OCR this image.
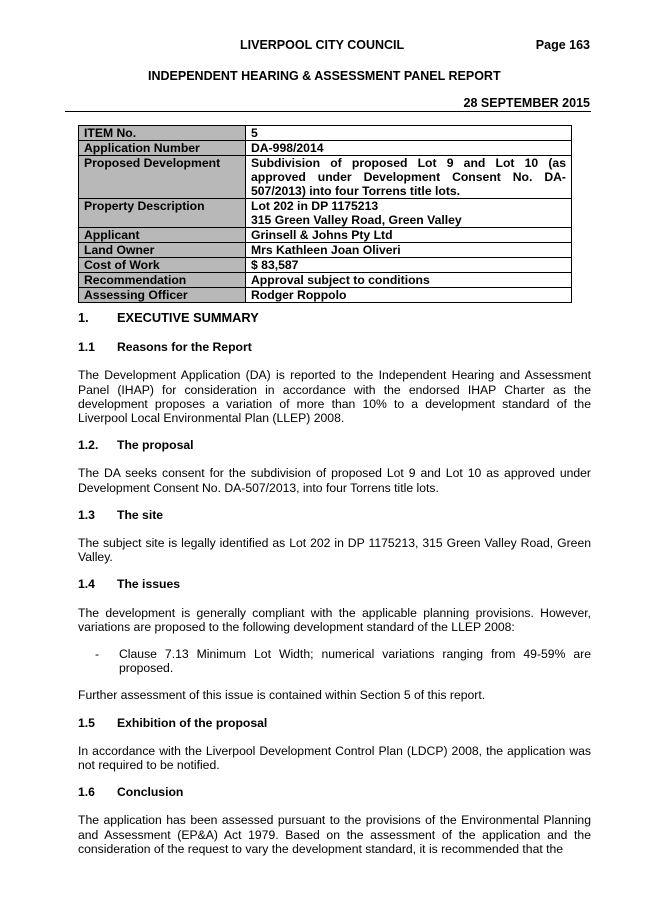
LIVERPOOL CITY COUNCIL	Page 163
INDEPENDENT HEARING & ASSESSMENT PANEL REPORT
28 SEPTEMBER 2015
ITEM No.	5
Application Number	DA-998/2014
Proposed Development	Subdivision of proposed Lot 9 and Lot 10 (as approved under Development Consent No. DA-507/2013) into four Torrens title lots.
Property Description	Lot 202 in DP 1175213
315 Green Valley Road, Green Valley

Applicant	Grinsell & Johns Pty Ltd
Land Owner	Mrs Kathleen Joan Oliveri
Cost of Work	$ 83,587
Recommendation	Approval subject to conditions
Assessing Officer	Rodger Roppolo
1.	EXECUTIVE SUMMARY
1.1	Reasons for the Report
The Development Application (DA) is reported to the Independent Hearing and Assessment Panel (IHAP) for consideration in accordance with the endorsed IHAP Charter as the development proposes a variation of more than 10% to a development standard of the Liverpool Local Environmental Plan (LLEP) 2008.
1.2.	The proposal
The DA seeks consent for the subdivision of proposed Lot 9 and Lot 10 as approved under Development Consent No. DA-507/2013, into four Torrens title lots.
1.3	The site
The subject site is legally identified as Lot 202 in DP 1175213, 315 Green Valley Road, Green Valley.
1.4	The issues
The development is generally compliant with the applicable planning provisions. However, variations are proposed to the following development standard of the LLEP 2008:
-	Clause 7.13 Minimum Lot Width; numerical variations ranging from 49-59% are proposed.
Further assessment of this issue is contained within Section 5 of this report.
1.5	Exhibition of the proposal
In accordance with the Liverpool Development Control Plan (LDCP) 2008, the application was not required to be notified.
1.6	Conclusion
The application has been assessed pursuant to the provisions of the Environmental Planning and Assessment (EP&A) Act 1979. Based on the assessment of the application and the consideration of the request to vary the development standard, it is recommended that the
